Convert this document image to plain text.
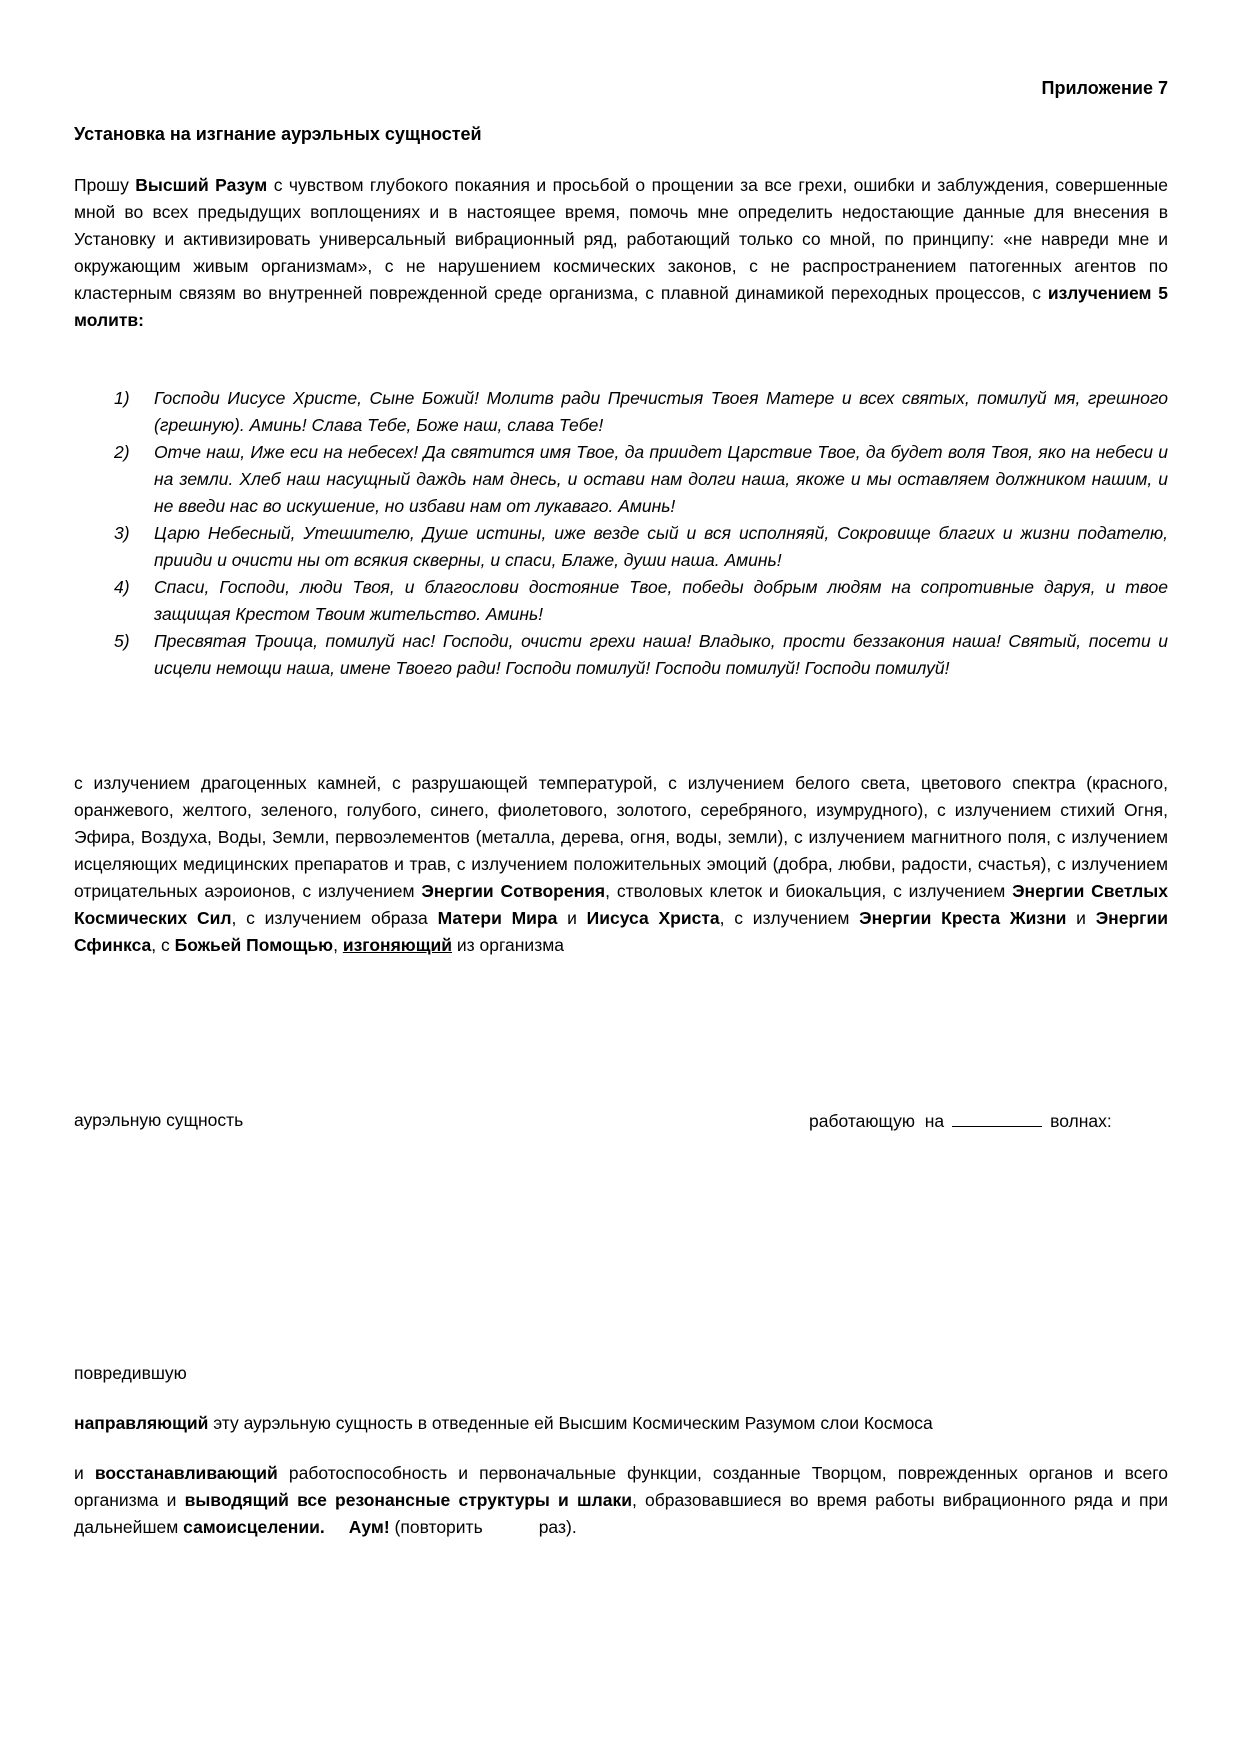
Приложение 7
Установка на изгнание аурэльных сущностей
Прошу Высший Разум с чувством глубокого покаяния и просьбой о прощении за все грехи, ошибки и заблуждения, совершенные мной во всех предыдущих воплощениях и в настоящее время, помочь мне определить недостающие данные для внесения в Установку и активизировать универсальный вибрационный ряд, работающий только со мной, по принципу: «не навреди мне и окружающим живым организмам», с не нарушением космических законов, с не распространением патогенных агентов по кластерным связям во внутренней поврежденной среде организма, с плавной динамикой переходных процессов, с излучением 5 молитв:
1) Господи Иисусе Христе, Сыне Божий! Молитв ради Пречистыя Твоея Матере и всех святых, помилуй мя, грешного (грешную). Аминь! Слава Тебе, Боже наш, слава Тебе!
2) Отче наш, Иже еси на небесех! Да святится имя Твое, да приидет Царствие Твое, да будет воля Твоя, яко на небеси и на земли. Хлеб наш насущный даждь нам днесь, и остави нам долги наша, якоже и мы оставляем должником нашим, и не введи нас во искушение, но избави нам от лукаваго. Аминь!
3) Царю Небесный, Утешителю, Душе истины, иже везде сый и вся исполняяй, Сокровище благих и жизни подателю, прииди и очисти ны от всякия скверны, и спаси, Блаже, души наша. Аминь!
4) Спаси, Господи, люди Твоя, и благослови достояние Твое, победы добрым людям на сопротивные даруя, и твое защищая Крестом Твоим жительство. Аминь!
5) Пресвятая Троица, помилуй нас! Господи, очисти грехи наша! Владыко, прости беззакония наша! Святый, посети и исцели немощи наша, имене Твоего ради! Господи помилуй! Господи помилуй! Господи помилуй!
с излучением драгоценных камней, с разрушающей температурой, с излучением белого света, цветового спектра (красного, оранжевого, желтого, зеленого, голубого, синего, фиолетового, золотого, серебряного, изумрудного), с излучением стихий Огня, Эфира, Воздуха, Воды, Земли, первоэлементов (металла, дерева, огня, воды, земли), с излучением магнитного поля, с излучением исцеляющих медицинских препаратов и трав, с излучением положительных эмоций (добра, любви, радости, счастья), с излучением отрицательных аэроионов, с излучением Энергии Сотворения, стволовых клеток и биокальция, с излучением Энергии Светлых Космических Сил, с излучением образа Матери Мира и Иисуса Христа, с излучением Энергии Креста Жизни и Энергии Сфинкса, с Божьей Помощью, изгоняющий из организма
аурэльную сущность	работающую  на	волнах:
повредившую
направляющий эту аурэльную сущность в отведенные ей Высшим Космическим Разумом слои Космоса
и восстанавливающий работоспособность и первоначальные функции, созданные Творцом, поврежденных органов и всего организма и выводящий все резонансные структуры и шлаки, образовавшиеся во время работы вибрационного ряда и при дальнейшем самоисцелении. Аум! (повторить	раз).
